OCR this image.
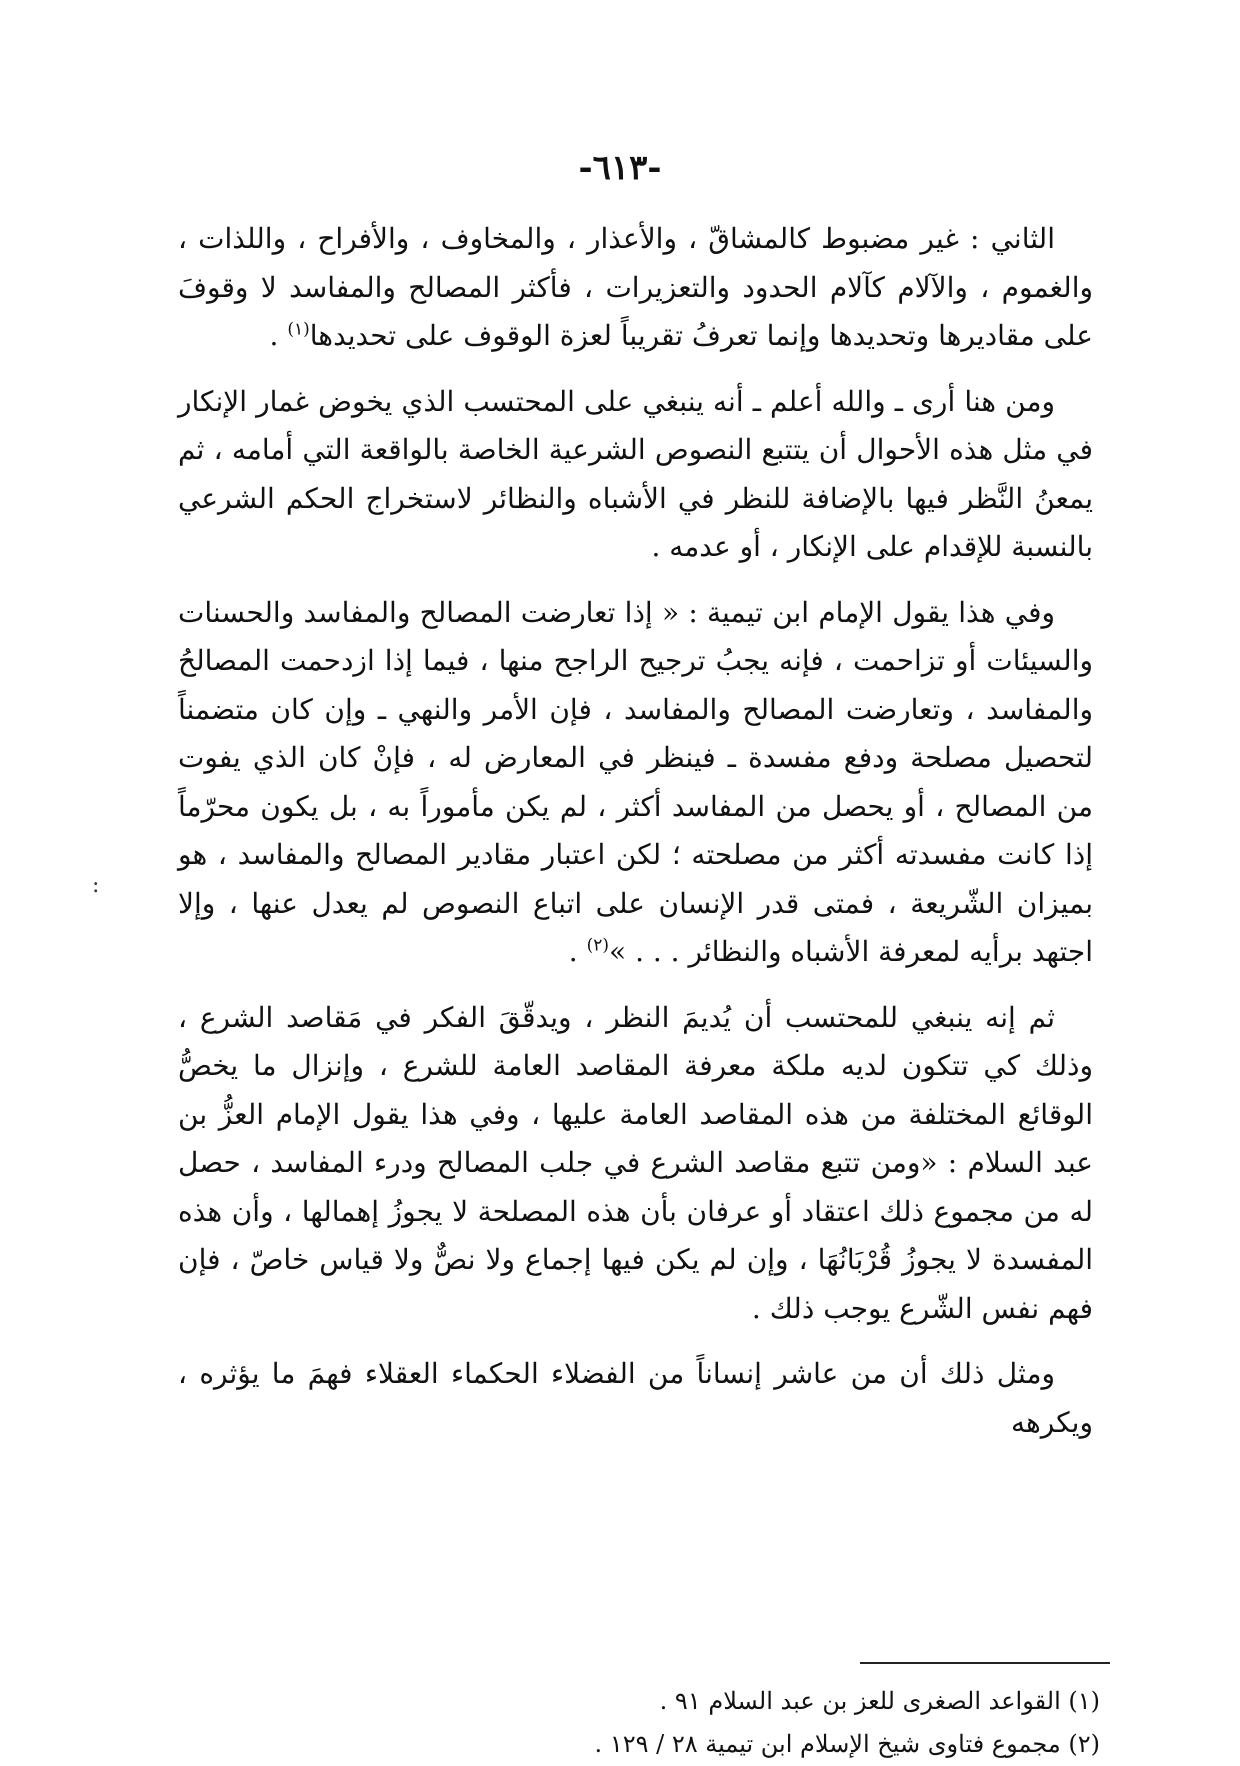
-٦١٣-
:

الثاني : غير مضبوط كالمشاقّ ، والأعذار ، والمخاوف ، والأفراح ، واللذات ، والغموم ، والآلام كآلام الحدود والتعزيرات ، فأكثر المصالح والمفاسد لا وقوفَ على مقاديرها وتحديدها وإنما تعرفُ تقريباً لعزة الوقوف على تحديدها$^{(١)}$ .

ومن هنا أرى ـ والله أعلم ـ أنه ينبغي على المحتسب الذي يخوض غمار الإنكار في مثل هذه الأحوال أن يتتبع النصوص الشرعية الخاصة بالواقعة التي أمامه ، ثم يمعنُ النَّظر فيها بالإضافة للنظر في الأشباه والنظائر لاستخراج الحكم الشرعي بالنسبة للإقدام على الإنكار ، أو عدمه .

وفي هذا يقول الإمام ابن تيمية : « إذا تعارضت المصالح والمفاسد والحسنات والسيئات أو تزاحمت ، فإنه يجبُ ترجيح الراجح منها ، فيما إذا ازدحمت المصالحُ والمفاسد ، وتعارضت المصالح والمفاسد ، فإن الأمر والنهي ـ وإن كان متضمناً لتحصيل مصلحة ودفع مفسدة ـ فينظر في المعارض له ، فإنْ كان الذي يفوت من المصالح ، أو يحصل من المفاسد أكثر ، لم يكن مأموراً به ، بل يكون محرّماً إذا كانت مفسدته أكثر من مصلحته ؛ لكن اعتبار مقادير المصالح والمفاسد ، هو بميزان الشّريعة ، فمتى قدر الإنسان على اتباع النصوص لم يعدل عنها ، وإلا اجتهد برأيه لمعرفة الأشباه والنظائر . . . »$^{(٢)}$ .

ثم إنه ينبغي للمحتسب أن يُديمَ النظر ، ويدقّقَ الفكر في مَقاصد الشرع ، وذلك كي تتكون لديه ملكة معرفة المقاصد العامة للشرع ، وإنزال ما يخصُّ الوقائع المختلفة من هذه المقاصد العامة عليها ، وفي هذا يقول الإمام العزُّ بن عبد السلام : «ومن تتبع مقاصد الشرع في جلب المصالح ودرء المفاسد ، حصل له من مجموع ذلك اعتقاد أو عرفان بأن هذه المصلحة لا يجوزُ إهمالها ، وأن هذه المفسدة لا يجوزُ قُرْبَانُهَا ، وإن لم يكن فيها إجماع ولا نصٌّ ولا قياس خاصّ ، فإن فهم نفس الشّرع يوجب ذلك .

ومثل ذلك أن من عاشر إنساناً من الفضلاء الحكماء العقلاء فهمَ ما يؤثره ، ويكرهه

(١) القواعد الصغرى للعز بن عبد السلام ٩١ .
(٢) مجموع فتاوى شيخ الإسلام ابن تيمية ٢٨ / ١٢٩ .
